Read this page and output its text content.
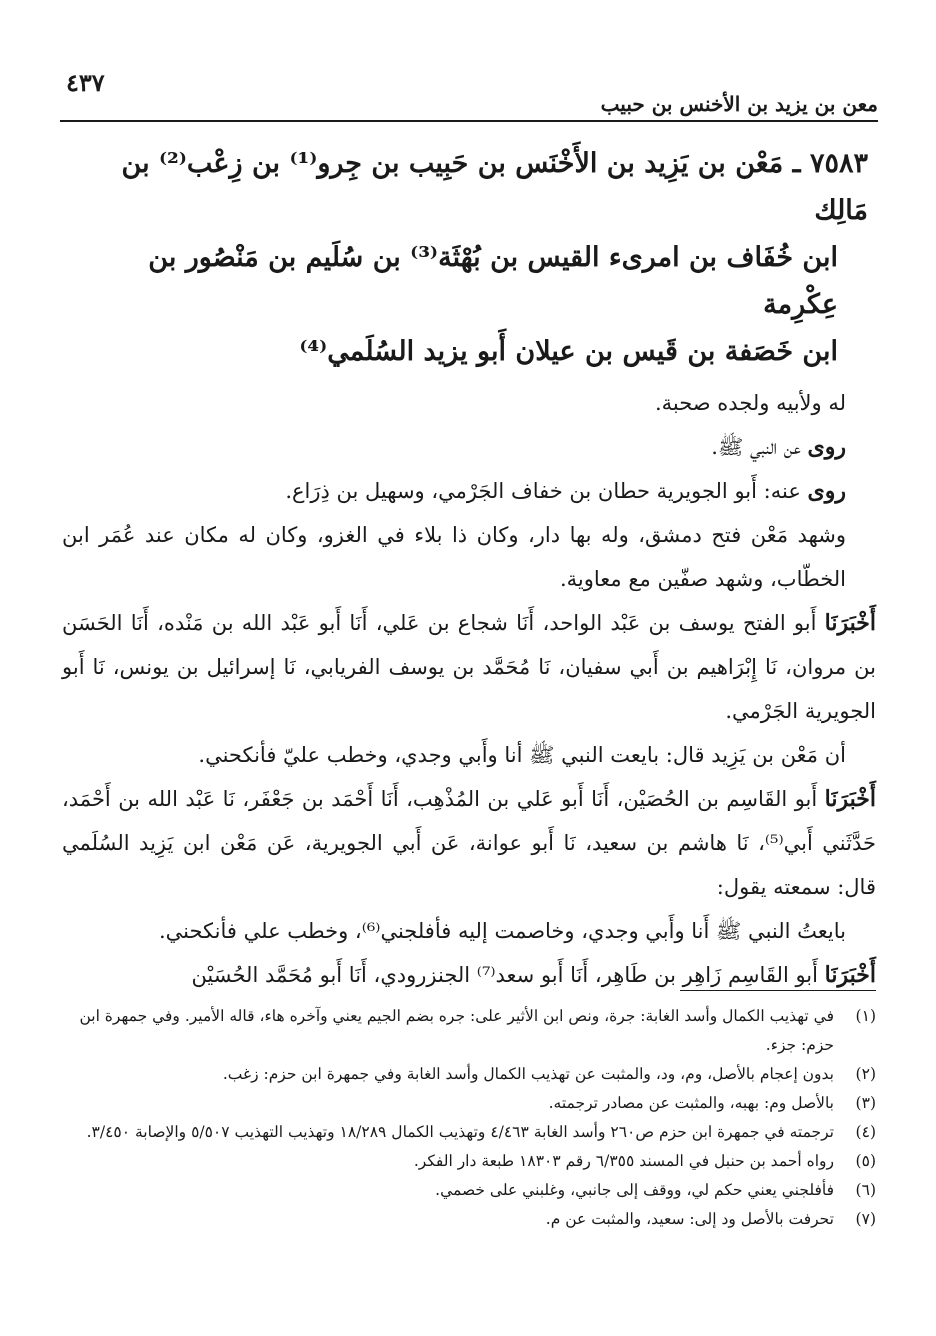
٤٣٧
معن بن يزيد بن الأخنس بن حبيب
٧٥٨٣ ـ مَعْن بن يَزِيد بن الأَخْنَس بن حَبِيب بن جِرو⁽¹⁾ بن زِعْب⁽²⁾ بن مَالِك
ابن خُفَاف بن امرىء القيس بن بُهْثَة⁽³⁾ بن سُلَيم بن مَنْصُور بن عِكْرِمة
ابن خَصَفة بن قَيس بن عيلان أَبو يزيد السُلَمي⁽⁴⁾

له ولأبيه ولجده صحبة.

روى عن النبي ﷺ.

روى عنه: أَبو الجويرية حطان بن خفاف الجَرْمي، وسهيل بن ذِرَاع.

وشهد مَعْن فتح دمشق، وله بها دار، وكان ذا بلاء في الغزو، وكان له مكان عند عُمَر ابن الخطّاب، وشهد صفّين مع معاوية.

أَخْبَرَنَا أَبو الفتح يوسف بن عَبْد الواحد، أَنَا شجاع بن عَلي، أَنَا أَبو عَبْد الله بن مَنْده، أَنَا الحَسَن بن مروان، نَا إِبْرَاهيم بن أَبي سفيان، نَا مُحَمَّد بن يوسف الفريابي، نَا إسرائيل بن يونس، نَا أَبو الجويرية الجَرْمي.

أن مَعْن بن يَزِيد قال: بايعت النبي ﷺ أنا وأَبي وجدي، وخطب عليّ فأنكحني.

أَخْبَرَنَا أَبو القَاسِم بن الحُصَيْن، أَنَا أَبو عَلي بن المُذْهِب، أَنَا أَحْمَد بن جَعْفَر، نَا عَبْد الله بن أَحْمَد، حَدَّثَني أَبي⁽⁵⁾، نَا هاشم بن سعيد، نَا أَبو عوانة، عَن أَبي الجويرية، عَن مَعْن ابن يَزِيد السُلَمي قال: سمعته يقول:

بايعتُ النبي ﷺ أَنا وأَبي وجدي، وخاصمت إليه فأفلجني⁽⁶⁾، وخطب علي فأنكحني.

أَخْبَرَنَا أَبو القَاسِم زَاهِر بن طَاهِر، أَنَا أَبو سعد⁽⁷⁾ الجنزرودي، أَنَا أَبو مُحَمَّد الحُسَيْن

(١)
في تهذيب الكمال وأسد الغابة: جرة، ونص ابن الأثير على: جره بضم الجيم يعني وآخره هاء، قاله الأمير. وفي جمهرة ابن حزم: جزء.
(٢)
بدون إعجام بالأصل، وم، ود، والمثبت عن تهذيب الكمال وأسد الغابة وفي جمهرة ابن حزم: زغب.
(٣)
بالأصل وم: بهبه، والمثبت عن مصادر ترجمته.
(٤)
ترجمته في جمهرة ابن حزم ص٢٦٠ وأسد الغابة ٤/٤٦٣ وتهذيب الكمال ١٨/٢٨٩ وتهذيب التهذيب ٥/٥٠٧ والإصابة ٣/٤٥٠.
(٥)
رواه أحمد بن حنبل في المسند ٦/٣٥٥ رقم ١٨٣٠٣ طبعة دار الفكر.
(٦)
فأفلجني يعني حكم لي، ووقف إلى جانبي، وغلبني على خصمي.
(٧)
تحرفت بالأصل ود إلى: سعيد، والمثبت عن م.
